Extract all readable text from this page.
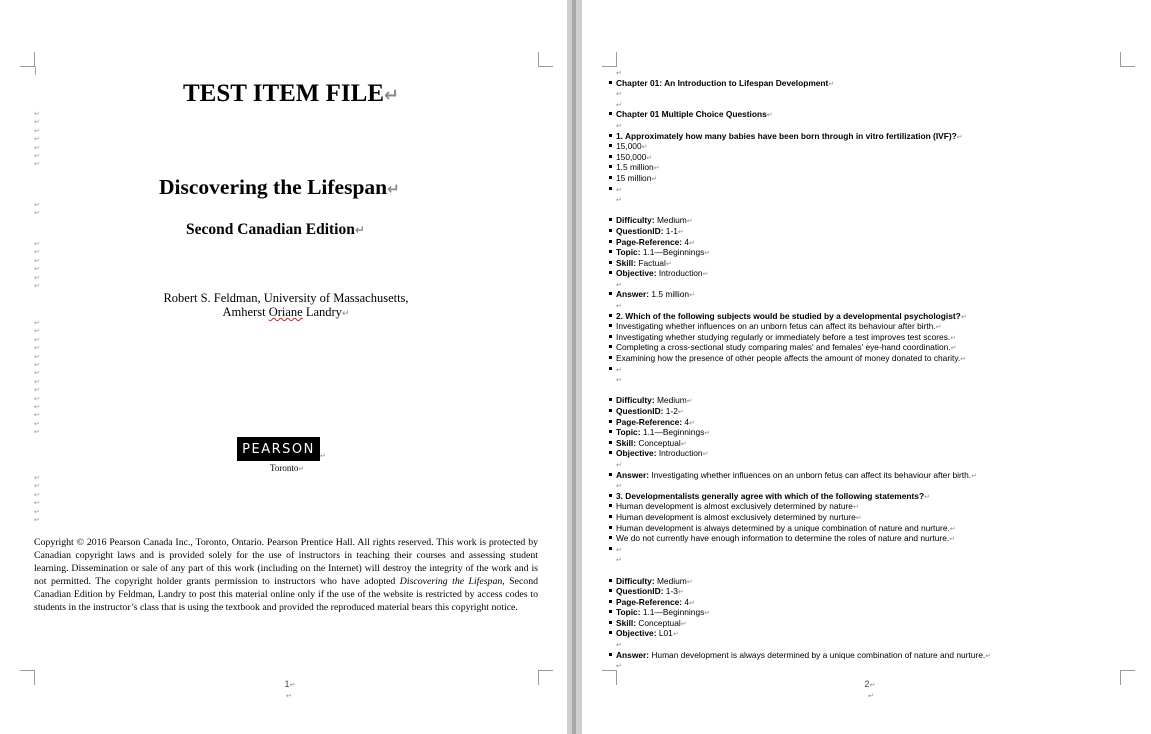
|
TEST ITEM FILE↵
↵
↵
↵
↵
↵
↵
↵
Discovering the Lifespan↵
↵
↵
Second Canadian Edition↵
↵
↵
↵
↵
↵
↵
Robert S. Feldman, University of Massachusetts,
Amherst Oriane Landry↵
↵
↵
↵
↵
↵
↵
↵
↵
↵
↵
↵
↵
↵
↵
PEARSON ↵
Toronto↵
↵
↵
↵
↵
↵
↵
Copyright © 2016 Pearson Canada Inc., Toronto, Ontario. Pearson Prentice Hall. All rights reserved. This work is protected by Canadian copyright laws and is provided solely for the use of instructors in teaching their courses and assessing student learning. Dissemination or sale of any part of this work (including on the Internet) will destroy the integrity of the work and is not permitted. The copyright holder grants permission to instructors who have adopted Discovering the Lifespan, Second Canadian Edition by Feldman, Landry to post this material online only if the use of the website is restricted by access codes to students in the instructor’s class that is using the textbook and provided the reproduced material bears this copyright notice.
1↵
↵
2↵
↵
↵
Chapter 01: An Introduction to Lifespan Development↵
↵
↵
Chapter 01 Multiple Choice Questions↵
↵
1. Approximately how many babies have been born through in vitro fertilization (IVF)?↵
15,000↵
150,000↵
1.5 million↵
15 million↵
↵
↵
Difficulty: Medium↵
QuestionID: 1-1↵
Page-Reference: 4↵
Topic: 1.1—Beginnings↵
Skill: Factual↵
Objective: Introduction↵
↵
Answer: 1.5 million↵
↵
2. Which of the following subjects would be studied by a developmental psychologist?↵
Investigating whether influences on an unborn fetus can affect its behaviour after birth.↵
Investigating whether studying regularly or immediately before a test improves test scores.↵
Completing a cross-sectional study comparing males' and females' eye-hand coordination.↵
Examining how the presence of other people affects the amount of money donated to charity.↵
↵
↵
Difficulty: Medium↵
QuestionID: 1-2↵
Page-Reference: 4↵
Topic: 1.1—Beginnings↵
Skill: Conceptual↵
Objective: Introduction↵
↵
Answer: Investigating whether influences on an unborn fetus can affect its behaviour after birth.↵
↵
3. Developmentalists generally agree with which of the following statements?↵
Human development is almost exclusively determined by nature↵
Human development is almost exclusively determined by nurture↵
Human development is always determined by a unique combination of nature and nurture.↵
We do not currently have enough information to determine the roles of nature and nurture.↵
↵
↵
Difficulty: Medium↵
QuestionID: 1-3↵
Page-Reference: 4↵
Topic: 1.1—Beginnings↵
Skill: Conceptual↵
Objective: L01↵
↵
Answer: Human development is always determined by a unique combination of nature and nurture.↵
↵
